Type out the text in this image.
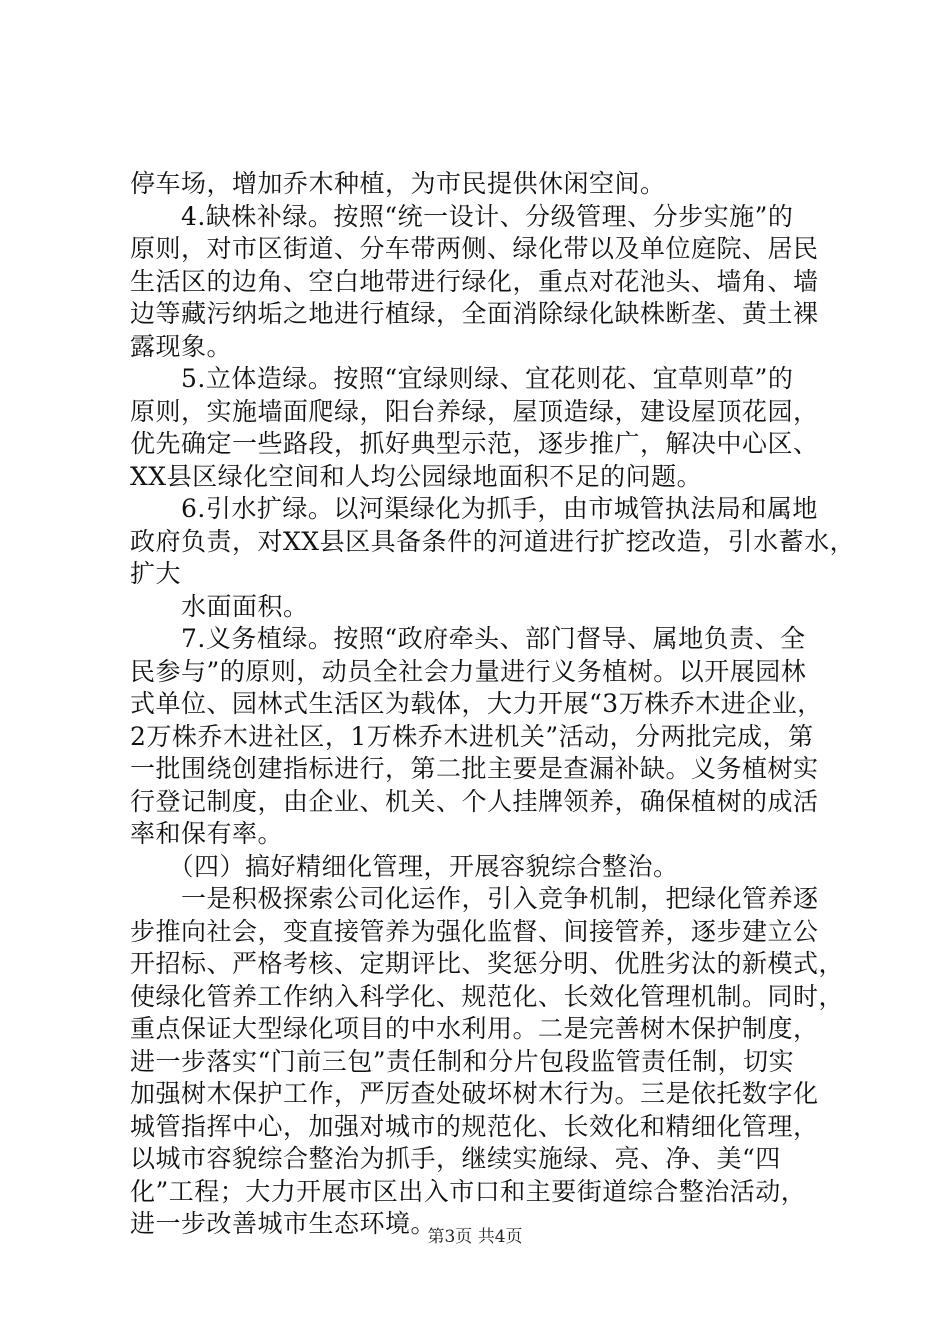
停车场，增加乔木种植，为市民提供休闲空间。
　　4.缺株补绿。按照“统一设计、分级管理、分步实施”的
原则，对市区街道、分车带两侧、绿化带以及单位庭院、居民
生活区的边角、空白地带进行绿化，重点对花池头、墙角、墙
边等藏污纳垢之地进行植绿，全面消除绿化缺株断垄、黄土裸
露现象。
　　5.立体造绿。按照“宜绿则绿、宜花则花、宜草则草”的
原则，实施墙面爬绿，阳台养绿，屋顶造绿，建设屋顶花园，
优先确定一些路段，抓好典型示范，逐步推广，解决中心区、
XX县区绿化空间和人均公园绿地面积不足的问题。
　　6.引水扩绿。以河渠绿化为抓手，由市城管执法局和属地
政府负责，对XX县区具备条件的河道进行扩挖改造，引水蓄水，
扩大
　　水面面积。
　　7.义务植绿。按照“政府牵头、部门督导、属地负责、全
民参与”的原则，动员全社会力量进行义务植树。以开展园林
式单位、园林式生活区为载体，大力开展“3万株乔木进企业，
2万株乔木进社区，1万株乔木进机关”活动，分两批完成，第
一批围绕创建指标进行，第二批主要是查漏补缺。义务植树实
行登记制度，由企业、机关、个人挂牌领养，确保植树的成活
率和保有率。
　　（四）搞好精细化管理，开展容貌综合整治。
　　一是积极探索公司化运作，引入竞争机制，把绿化管养逐
步推向社会，变直接管养为强化监督、间接管养，逐步建立公
开招标、严格考核、定期评比、奖惩分明、优胜劣汰的新模式，
使绿化管养工作纳入科学化、规范化、长效化管理机制。同时，
重点保证大型绿化项目的中水利用。二是完善树木保护制度，
进一步落实“门前三包”责任制和分片包段监管责任制，切实
加强树木保护工作，严厉查处破坏树木行为。三是依托数字化
城管指挥中心，加强对城市的规范化、长效化和精细化管理，
以城市容貌综合整治为抓手，继续实施绿、亮、净、美“四
化”工程；大力开展市区出入市口和主要街道综合整治活动，
进一步改善城市生态环境。
第3页 共4页
